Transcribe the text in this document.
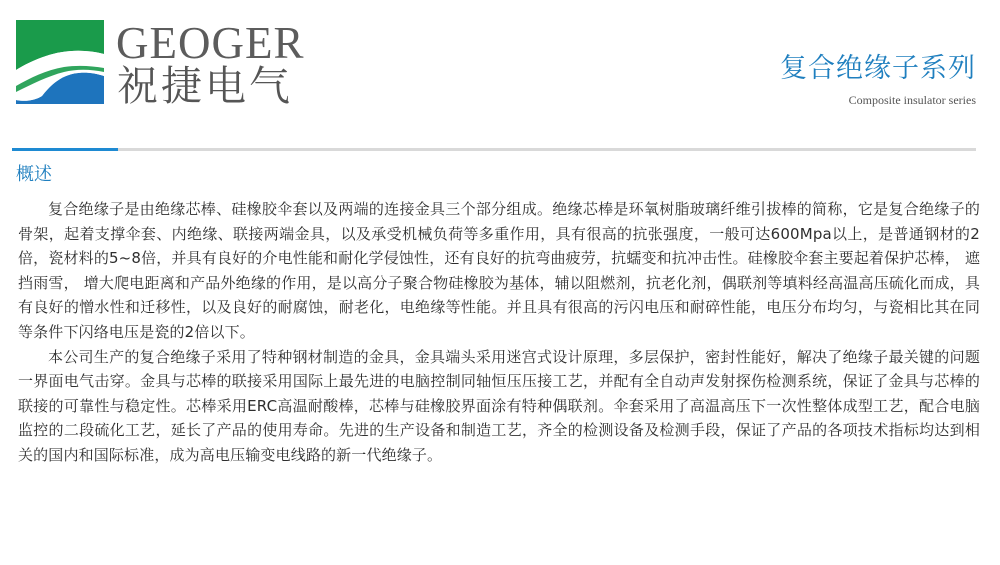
GEOGER
祝捷电气	复合绝缘子系列
Composite insulator series
概述

复合绝缘子是由绝缘芯棒、硅橡胶伞套以及两端的连接金具三个部分组成。绝缘芯棒是环氧树脂玻璃纤维引拔棒的简称，它是复合绝缘子的骨架，起着支撑伞套、内绝缘、联接两端金具，以及承受机械负荷等多重作用，具有很高的抗张强度，一般可达600Mpa以上，是普通钢材的2倍，瓷材料的5~8倍，并具有良好的介电性能和耐化学侵蚀性，还有良好的抗弯曲疲劳，抗蠕变和抗冲击性。硅橡胶伞套主要起着保护芯棒， 遮挡雨雪， 增大爬电距离和产品外绝缘的作用，是以高分子聚合物硅橡胶为基体，辅以阻燃剂，抗老化剂，偶联剂等填料经高温高压硫化而成，具有良好的憎水性和迁移性，以及良好的耐腐蚀，耐老化，电绝缘等性能。并且具有很高的污闪电压和耐碎性能，电压分布均匀，与瓷相比其在同等条件下闪络电压是瓷的2倍以下。

本公司生产的复合绝缘子采用了特种钢材制造的金具，金具端头采用迷宫式设计原理，多层保护，密封性能好，解决了绝缘子最关键的问题一界面电气击穿。金具与芯棒的联接采用国际上最先进的电脑控制同轴恒压压接工艺，并配有全自动声发射探伤检测系统，保证了金具与芯棒的联接的可靠性与稳定性。芯棒采用ERC高温耐酸棒，芯棒与硅橡胶界面涂有特种偶联剂。伞套采用了高温高压下一次性整体成型工艺，配合电脑监控的二段硫化工艺，延长了产品的使用寿命。先进的生产设备和制造工艺，齐全的检测设备及检测手段，保证了产品的各项技术指标均达到相关的国内和国际标准，成为高电压输变电线路的新一代绝缘子。
